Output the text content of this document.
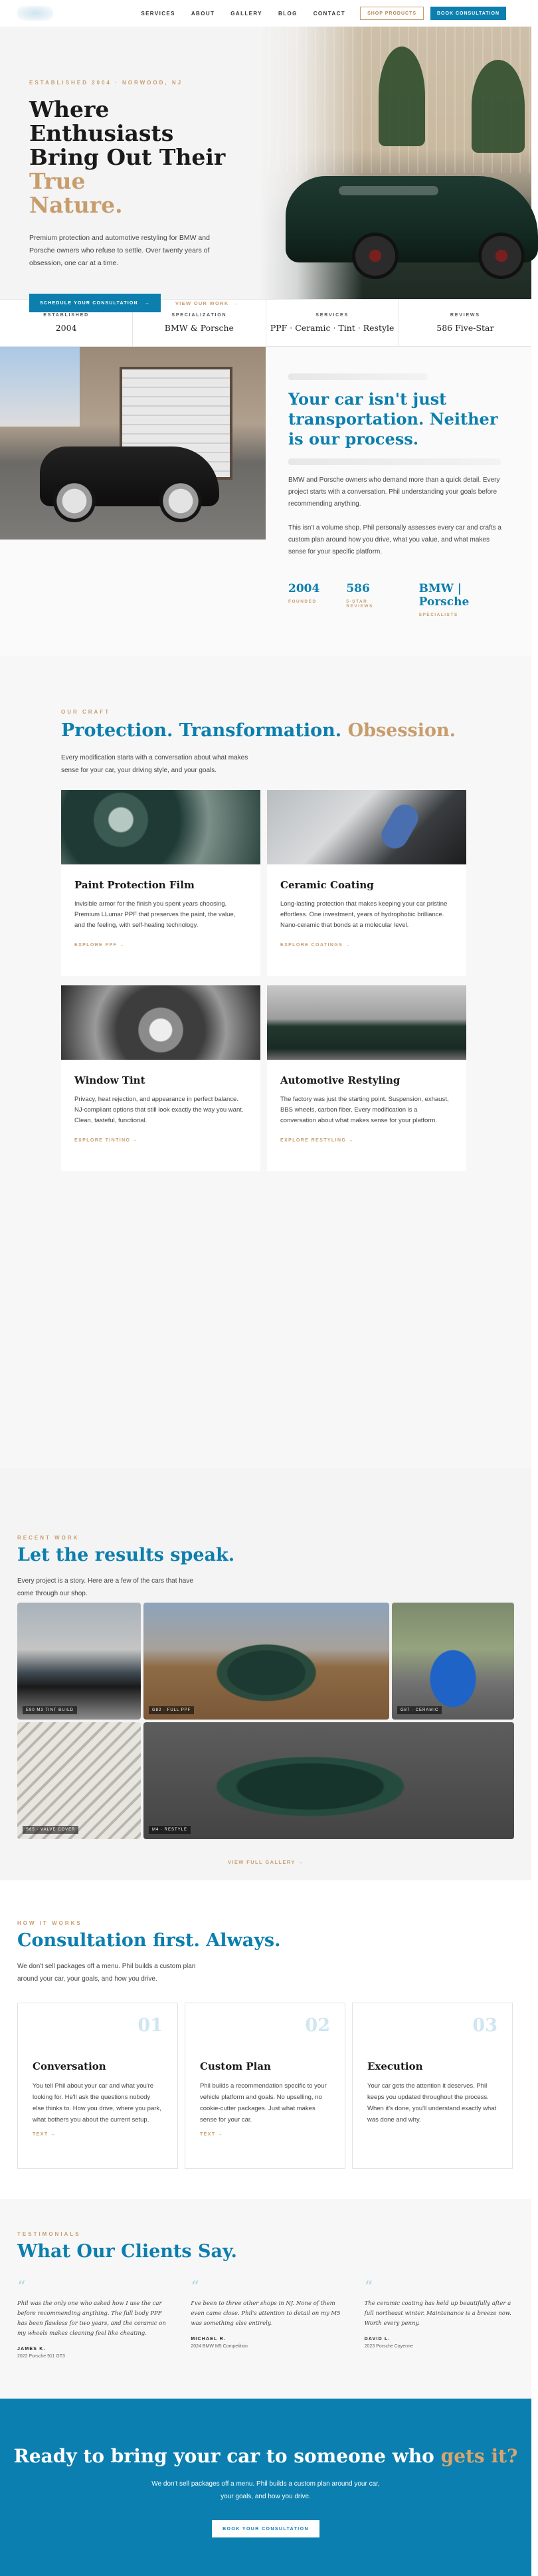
SERVICES	ABOUT	GALLERY	BLOG	CONTACT	SHOP PRODUCTS	BOOK CONSULTATION
ESTABLISHED 2004 · NORWOOD, NJ
Where Enthusiasts
Bring Out Their True
Nature.

Premium protection and automotive restyling for BMW and Porsche owners who refuse to settle. Over twenty years of obsession, one car at a time.

SCHEDULE YOUR CONSULTATION →	VIEW OUR WORK →
ESTABLISHED
2004
SPECIALIZATION
BMW & Porsche
SERVICES
PPF · Ceramic · Tint · Restyle
REVIEWS
586 Five-Star
Your car isn't just transportation. Neither is our process.

BMW and Porsche owners who demand more than a quick detail. Every project starts with a conversation. Phil understanding your goals before recommending anything.

This isn't a volume shop. Phil personally assesses every car and crafts a custom plan around how you drive, what you value, and what makes sense for your specific platform.

2004
FOUNDED
586
5-STAR REVIEWS
BMW | Porsche
SPECIALISTS
OUR CRAFT
Protection. Transformation. Obsession.

Every modification starts with a conversation about what makes sense for your car, your driving style, and your goals.

Paint Protection Film
Invisible armor for the finish you spent years choosing. Premium LLumar PPF that preserves the paint, the value, and the feeling, with self-healing technology.
EXPLORE PPF →
Ceramic Coating
Long-lasting protection that makes keeping your car pristine effortless. One investment, years of hydrophobic brilliance. Nano-ceramic that bonds at a molecular level.
EXPLORE COATINGS →
Window Tint
Privacy, heat rejection, and appearance in perfect balance. NJ-compliant options that still look exactly the way you want. Clean, tasteful, functional.
EXPLORE TINTING →
Automotive Restyling
The factory was just the starting point. Suspension, exhaust, BBS wheels, carbon fiber. Every modification is a conversation about what makes sense for your platform.
EXPLORE RESTYLING →
RECENT WORK
Let the results speak.

Every project is a story. Here are a few of the cars that have come through our shop.

E90 M3 TINT BUILD	G82 · FULL PPF	G87 · CERAMIC
S65 · VALVE COVER	M4 · RESTYLE
VIEW FULL GALLERY →
HOW IT WORKS
Consultation first. Always.

We don't sell packages off a menu. Phil builds a custom plan around your car, your goals, and how you drive.

01
Conversation
You tell Phil about your car and what you're looking for. He'll ask the questions nobody else thinks to. How you drive, where you park, what bothers you about the current setup.
TEXT →
02
Custom Plan
Phil builds a recommendation specific to your vehicle platform and goals. No upselling, no cookie-cutter packages. Just what makes sense for your car.
TEXT →
03
Execution
Your car gets the attention it deserves. Phil keeps you updated throughout the process. When it's done, you'll understand exactly what was done and why.
TESTIMONIALS
What Our Clients Say.
“

Phil was the only one who asked how I use the car before recommending anything. The full body PPF has been flawless for two years, and the ceramic on my wheels makes cleaning feel like cheating.

JAMES K.
2022 Porsche 911 GT3
“

I've been to three other shops in NJ. None of them even came close. Phil's attention to detail on my M5 was something else entirely.

MICHAEL R.
2024 BMW M5 Competition
“

The ceramic coating has held up beautifully after a full northeast winter. Maintenance is a breeze now. Worth every penny.

DAVID L.
2023 Porsche Cayenne
Ready to bring your car to someone who gets it?

We don't sell packages off a menu. Phil builds a custom plan around your car, your goals, and how you drive.

BOOK YOUR CONSULTATION
